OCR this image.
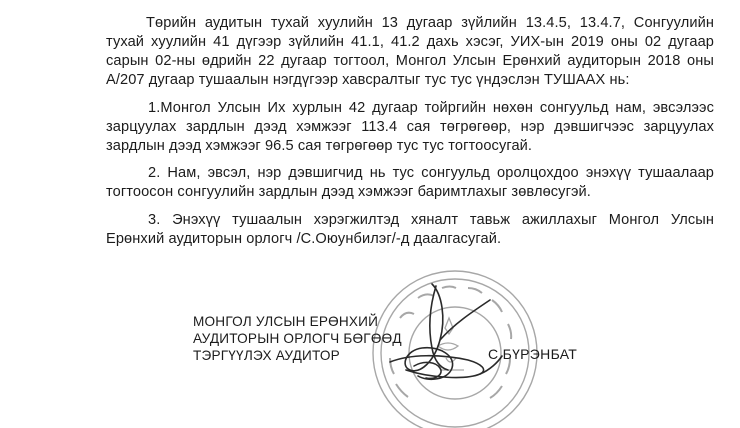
Төрийн аудитын тухай хуулийн 13 дугаар зүйлийн 13.4.5, 13.4.7, Сонгуулийн тухай хуулийн 41 дүгээр зүйлийн 41.1, 41.2 дахь хэсэг, УИХ-ын 2019 оны 02 дугаар сарын 02-ны өдрийн 22 дугаар тогтоол, Монгол Улсын Ерөнхий аудиторын 2018 оны А/207 дугаар тушаалын нэгдүгээр хавсралтыг тус тус үндэслэн ТУШААХ нь:

1.Монгол Улсын Их хурлын 42 дугаар тойргийн нөхөн сонгуульд нам, эвсэлээс зарцуулах зардлын дээд хэмжээг 113.4 сая төгрөгөөр, нэр дэвшигчээс зарцуулах зардлын дээд хэмжээг 96.5 сая төгрөгөөр тус тус тогтоосугай.

2. Нам, эвсэл, нэр дэвшигчид нь тус сонгуульд оролцохдоо энэхүү тушаалаар тогтоосон сонгуулийн зардлын дээд хэмжээг баримтлахыг зөвлөсугэй.

3. Энэхүү тушаалын хэрэгжилтэд хяналт тавьж ажиллахыг Монгол Улсын Ерөнхий аудиторын орлогч /С.Оюунбилэг/-д даалгасугай.

МОНГОЛ УЛСЫН ЕРӨНХИЙ
АУДИТОРЫН ОРЛОГЧ БӨГӨӨД
ТЭРГҮҮЛЭХ АУДИТОР	С.БҮРЭНБАТ
